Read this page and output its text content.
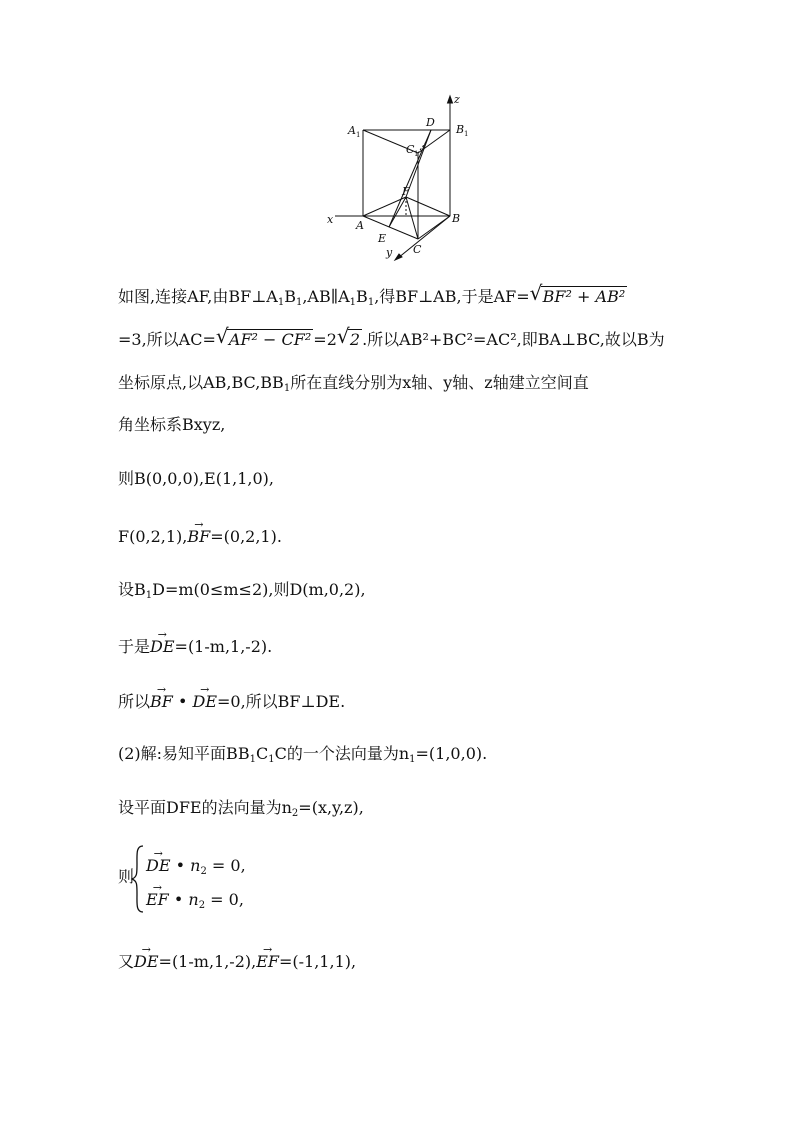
z
x
y
A 1
D
B 1
C 1
F
A
B
E
C
如图,连接AF,由$BF\perp A_1B_1,AB\parallel A_1B_1$,得BF⊥AB,于是AF= √ BF² + AB²
=3,所以AC= √ AF² − CF² =2 √ 2 .所以AB²+BC²=AC²,即BA⊥BC,故以B为
坐标原点,以$AB,BC,BB_1$所在直线分别为x轴、y轴、z轴建立空间直
角坐标系Bxyz,
则B(0,0,0),E(1,1,0),
F(0,2,1),→ BF=(0,2,1).
设$B_1D=m(0\le m\le 2)$,则D(m,0,2),
于是→ DE=(1-m,1,-2).
所以→ BF • → DE=0,所以BF⊥DE.
(2)解:易知平面$BB_1C_1C$的一个法向量为$n_1=(1,0,0)$.
设平面DFE的法向量为$n_2=(x,y,z)$,
则
→ DE • $n_2 = 0$,
→ EF • $n_2 = 0$,
又→ DE=(1-m,1,-2),→ EF=(-1,1,1),
